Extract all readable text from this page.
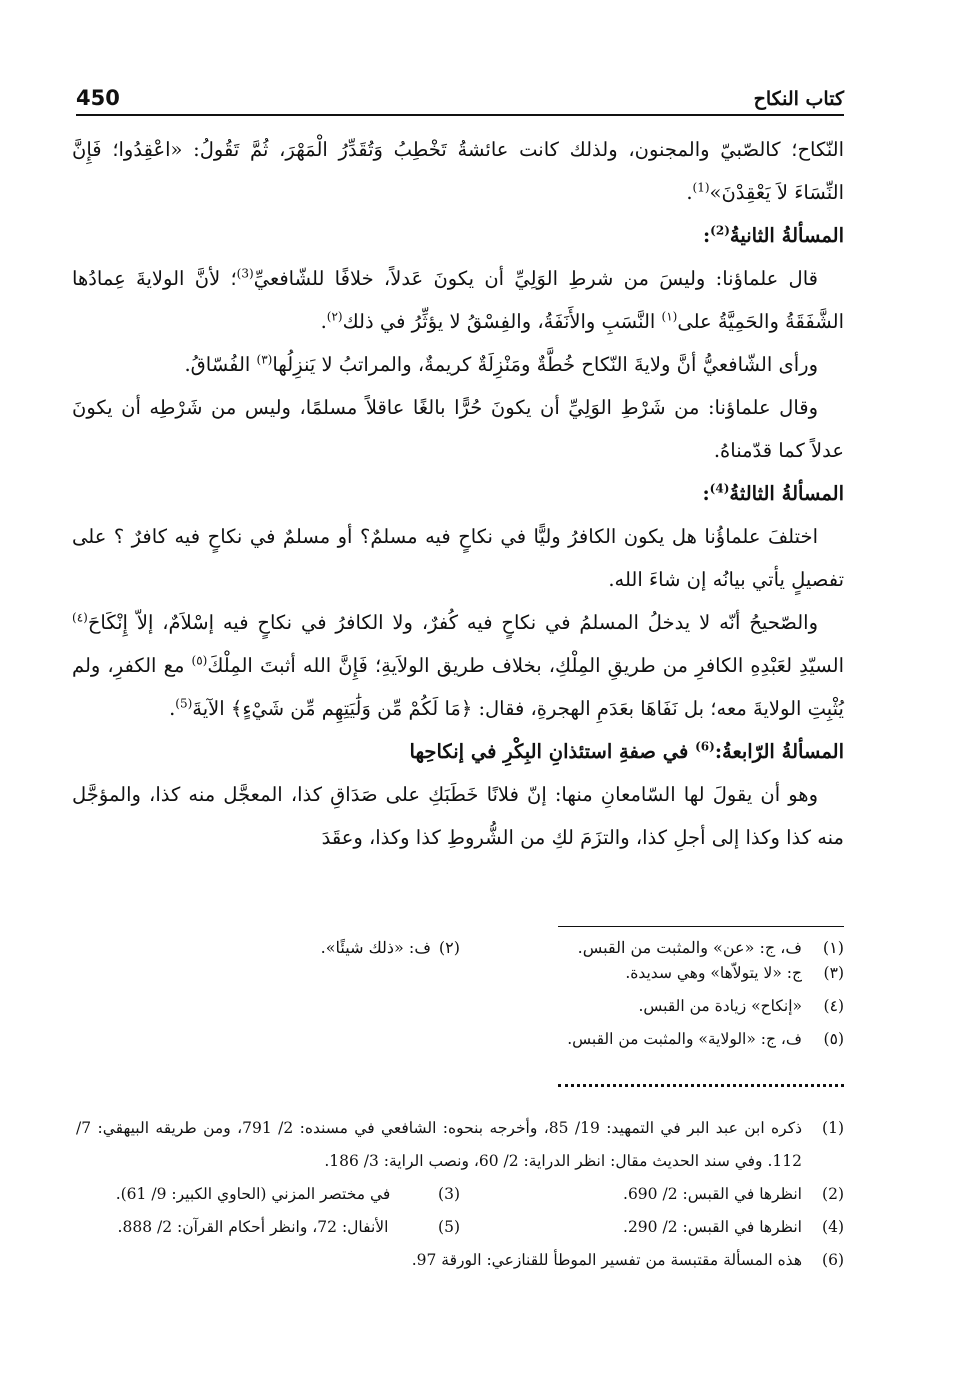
كتاب النكاح
450

النّكاح؛ كالصّبيّ والمجنون، ولذلك كانت عائشةُ تَخْطِبُ وَتُقَدِّرُ الْمَهْرَ، ثُمَّ تَقُولُ: «اعْقِدُوا؛ فَإِنَّ النِّسَاءَ لاَ يَعْقِدْنَ»$^{(1)}$.

المسألةُ الثانيةُ$^{(2)}$:

قال علماؤنا: وليسَ من شرطِ الوَلِيِّ أن يكونَ عَدلاً، خلافًا للشّافعيِّ$^{(3)}$؛ لأنَّ الولايةَ عِمادُها الشَّفَقَةُ والحَمِيَّةُ على$^{(١)}$ النَّسَبِ والأَنَفَةُ، والفِسْقُ لا يؤثِّرُ في ذلك$^{(٢)}$.

ورأى الشّافعيُّ أنَّ ولايةَ النّكاح خُطَّةٌ ومَنْزِلَةٌ كريمةٌ، والمراتبُ لا يَنزِلُها$^{(٣)}$ الفُسّاقُ.

وقال علماؤنا: من شَرْطِ الوَلِيِّ أن يكونَ حُرًّا بالغًا عاقلاً مسلمًا، وليس من شَرْطِه أن يكونَ عدلاً كما قدّمناهُ.

المسألةُ الثالثةُ$^{(4)}$:

اختلفَ علماؤُنا هل يكون الكافرُ وليًّا في نكاحٍ فيه مسلمٌ؟ أو مسلمٌ في نكاحٍ فيه كافرٌ ؟ على تفصيلٍ يأتي بيانُه إن شاءَ الله.

والصّحيحُ أنّه لا يدخلُ المسلمُ في نكاحٍ فيه كُفرٌ، ولا الكافرُ في نكاحٍ فيه إسْلاَمٌ، إلاّ إِنْكَاحَ$^{(٤)}$ السيّدِ لعَبْدِهِ الكافرِ من طريقِ المِلْكِ، بخلاف طريق الولاَيةِ؛ فَإِنَّ الله أثبتَ المِلْكَ$^{(٥)}$ مع الكفرِ، ولم يُثْبِتِ الولايةَ معه؛ بل نَفَاهَا بعَدَمِ الهجرةِ، فقال: ﴿مَا لَكُمْ مِّن وَلَٰيَتِهِم مِّن شَيْءٍ﴾ الآيةَ$^{(5)}$.

المسألةُ الرّابعةُ:$^{(6)}$ في صفةِ استئذانِ البِكْرِ في إنكاحِها

وهو أن يقولَ لها السّامعانِ منها: إنّ فلانًا خَطَبَكِ على صَدَاقِ كذا، المعجَّل منه كذا، والمؤجَّل منه كذا وكذا إلى أجلِ كذا، والتزَمَ لكِ من الشُّروطِ كذا وكذا، وعقَدَ

(١)
ف، ج: «عن» والمثبت من القبس.
(٢)
ف: «ذلك شيئًا».

(٣)
ج: «لا يتولاّها» وهي سديدة.

(٤)
«إنكاح» زيادة من القبس.

(٥)
ف، ج: «الولاية» والمثبت من القبس.

(1)
ذكره ابن عبد البر في التمهيد: 19/ 85، وأخرجه بنحوه: الشافعي في مسنده: 2/ 791، ومن طريقه البيهقي: 7/ 112. وفي سند الحديث مقال: انظر الدراية: 2/ 60، ونصب الراية: 3/ 186.
(2)
انظرها في القبس: 2/ 690.
(3)
في مختصر المزني (الحاوي الكبير: 9/ 61).
(4)
انظرها في القبس: 2/ 290.
(5)
الأنفال: 72، وانظر أحكام القرآن: 2/ 888.
(6)
هذه المسألة مقتبسة من تفسير الموطأ للقنازعي: الورقة 97.
